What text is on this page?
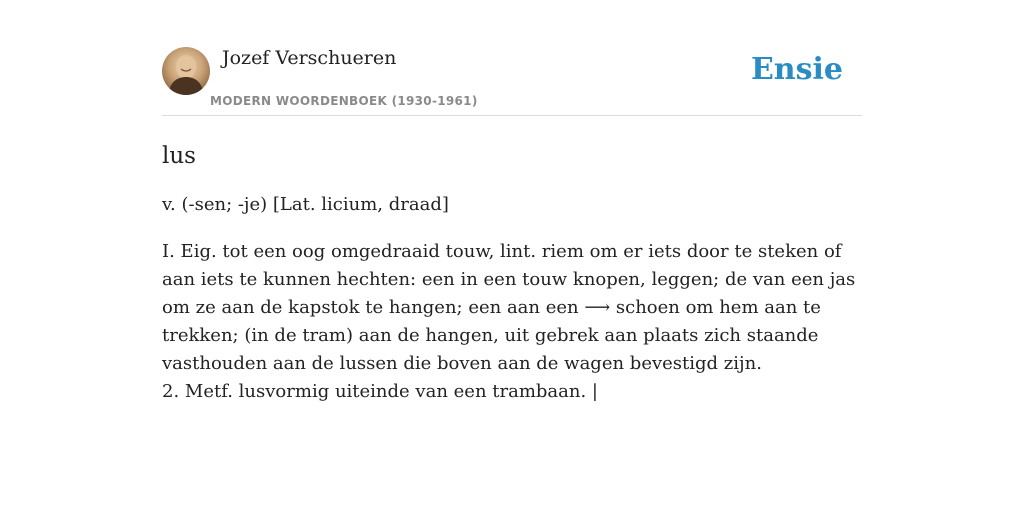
Jozef Verschueren
MODERN WOORDENBOEK (1930-1961)
Ensie
lus
v. (-sen; -je) [Lat. licium, draad]

I. Eig. tot een oog omgedraaid touw, lint. riem om er iets door te steken of aan iets te kunnen hechten: een in een touw knopen, leggen; de van een jas om ze aan de kapstok te hangen; een aan een ⟶ schoen om hem aan te trekken; (in de tram) aan de hangen, uit gebrek aan plaats zich staande vasthouden aan de lussen die boven aan de wagen bevestigd zijn.

2. Metf. lusvormig uiteinde van een trambaan. |
